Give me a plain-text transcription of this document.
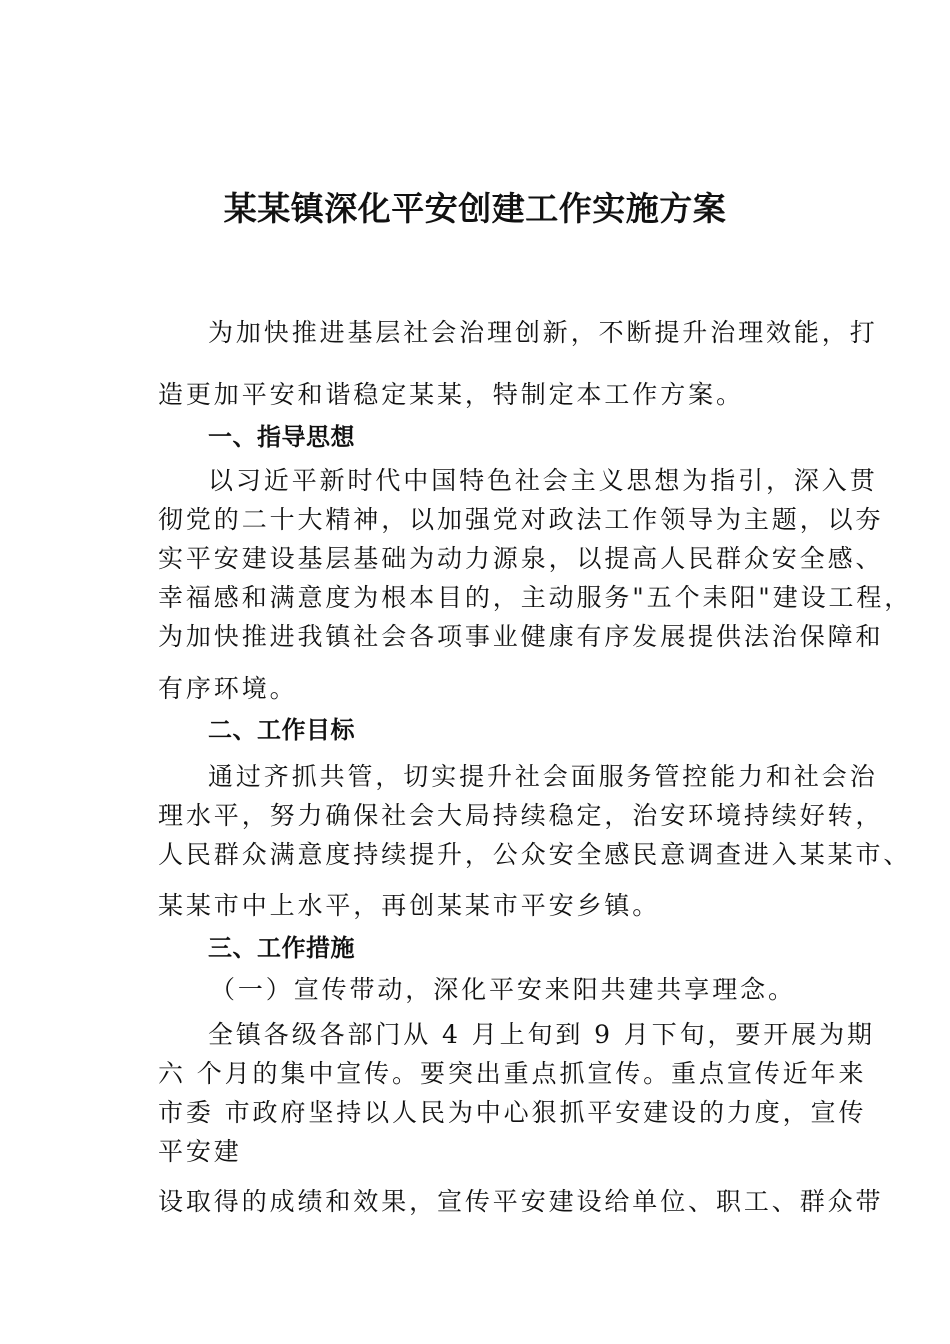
某某镇深化平安创建工作实施方案
为加快推进基层社会治理创新，不断提升治理效能，打
造更加平安和谐稳定某某，特制定本工作方案。
一、指导思想
以习近平新时代中国特色社会主义思想为指引，深入贯
彻党的二十大精神，以加强党对政法工作领导为主题，以夯
实平安建设基层基础为动力源泉，以提高人民群众安全感、
幸福感和满意度为根本目的，主动服务"五个耒阳"建设工程，
为加快推进我镇社会各项事业健康有序发展提供法治保障和
有序环境。
二、工作目标
通过齐抓共管，切实提升社会面服务管控能力和社会治
理水平，努力确保社会大局持续稳定，治安环境持续好转，
人民群众满意度持续提升，公众安全感民意调查进入某某市、
某某市中上水平，再创某某市平安乡镇。
三、工作措施
（一）宣传带动，深化平安来阳共建共享理念。
全镇各级各部门从 4 月上旬到 9 月下旬，要开展为期
六 个月的集中宣传。要突出重点抓宣传。重点宣传近年来
市委 市政府坚持以人民为中心狠抓平安建设的力度，宣传
平安建
设取得的成绩和效果，宣传平安建设给单位、职工、群众带
